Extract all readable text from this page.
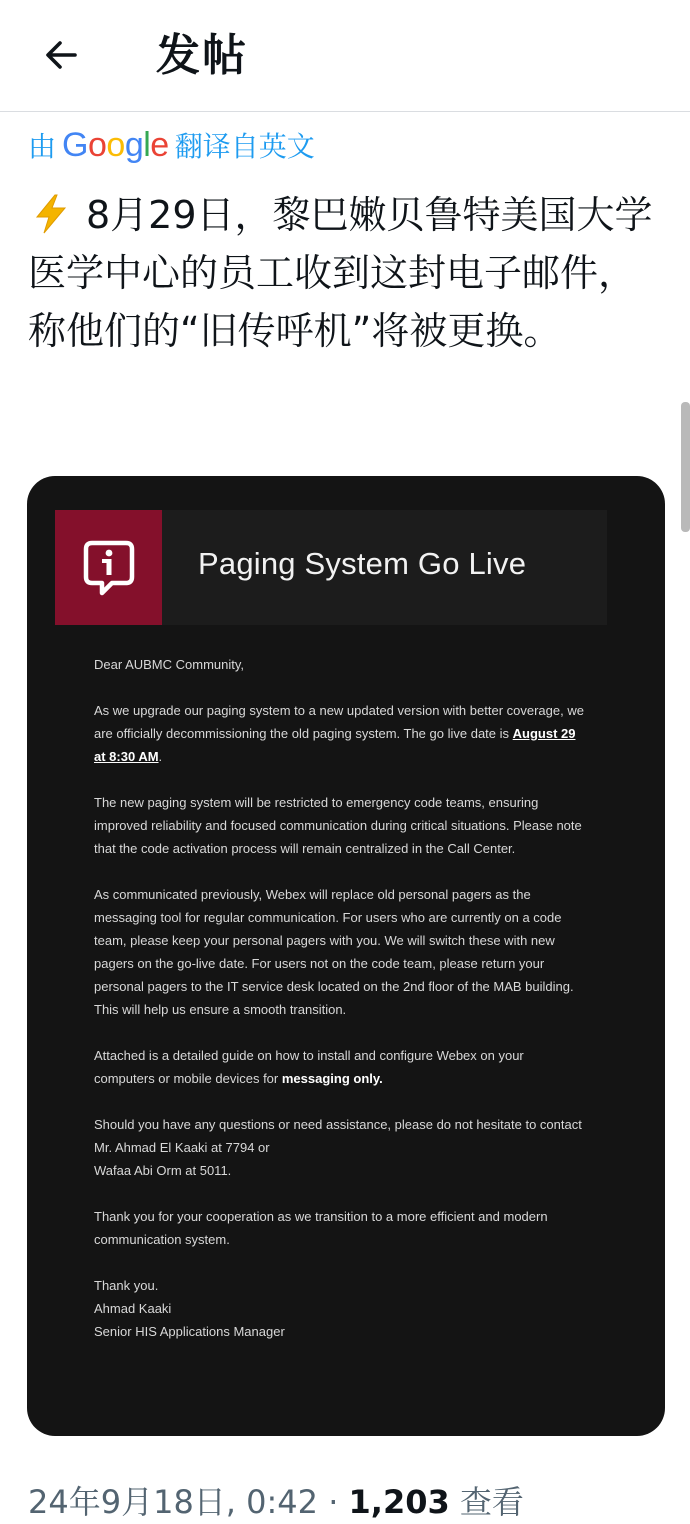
发帖
由 Google 翻译自英文
8月29日，黎巴嫩贝鲁特美国大学医学中心的员工收到这封电子邮件，称他们的“旧传呼机”将被更换。
Paging System Go Live

Dear AUBMC Community,

As we upgrade our paging system to a new updated version with better coverage, we are officially decommissioning the old paging system. The go live date is August 29 at 8:30 AM.

The new paging system will be restricted to emergency code teams, ensuring improved reliability and focused communication during critical situations. Please note that the code activation process will remain centralized in the Call Center.

As communicated previously, Webex will replace old personal pagers as the messaging tool for regular communication. For users who are currently on a code team, please keep your personal pagers with you. We will switch these with new pagers on the go-live date. For users not on the code team, please return your personal pagers to the IT service desk located on the 2nd floor of the MAB building. This will help us ensure a smooth transition.

Attached is a detailed guide on how to install and configure Webex on your computers or mobile devices for messaging only.

Should you have any questions or need assistance, please do not hesitate to contact
Mr. Ahmad El Kaaki at 7794 or
Wafaa Abi Orm at 5011.

Thank you for your cooperation as we transition to a more efficient and modern communication system.

Thank you.
Ahmad Kaaki
Senior HIS Applications Manager

24年9月18日, 0:42 · 1,203 查看
